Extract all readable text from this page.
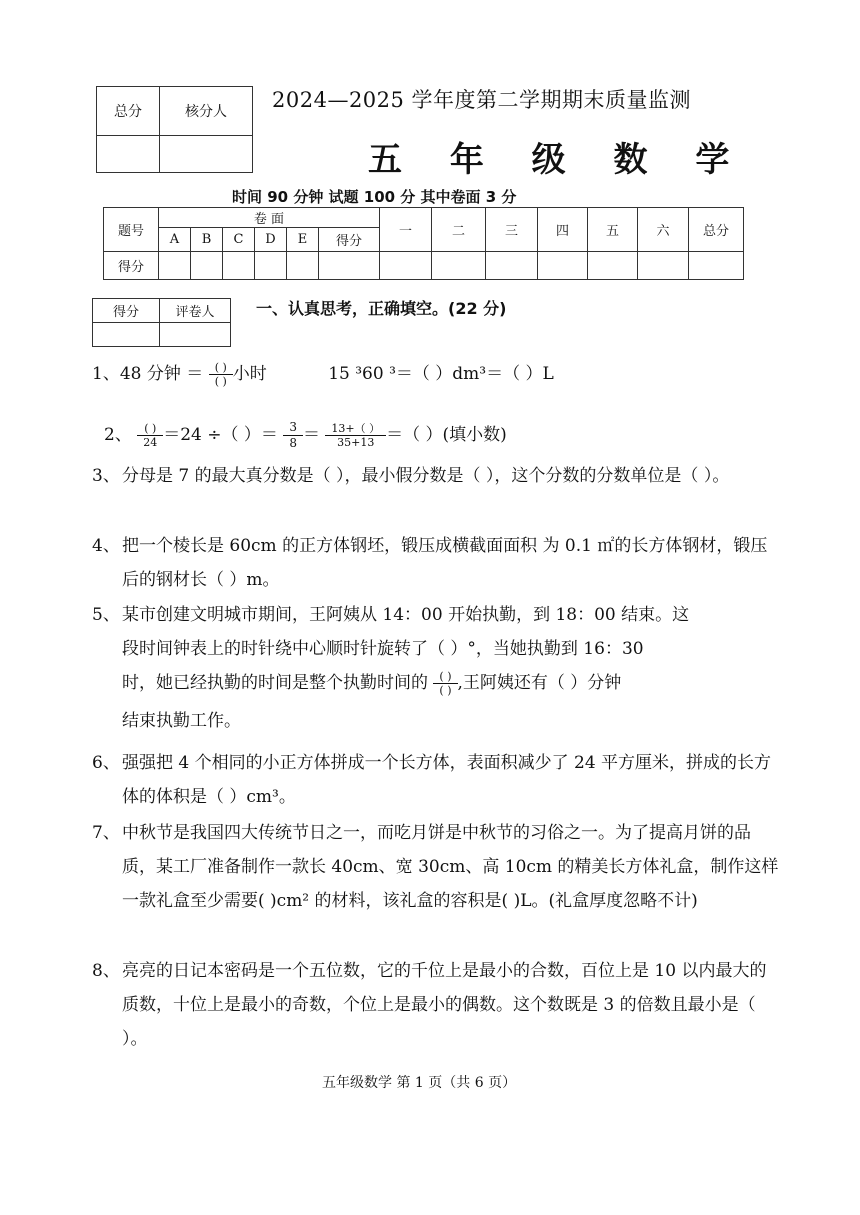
总分	核分人
	2024—2025 学年度第二学期期末质量监测
五 年 级 数 学
时间 90 分钟 试题 100 分 其中卷面 3 分
题号	卷 面						一	二	三	四	五	六	总分
	A	B	C	D	E	得分							
得分													
得分	评卷人
		一、认真思考，正确填空。(22 分)
1、48 分钟 ＝ $\frac{( )}{( )}$ 小时	15 ³60 ³＝（ ）dm³＝（ ）L
2、 $\frac{( )}{24} =24$ ÷（ ）＝ $\frac{3}{8} = \frac{13+( )}{35+13}$ ＝（ ）(填小数)
3、 分母是 7 的最大真分数是（ ），最小假分数是（ ），这个分数的分数单位是（ ）。
4、 把一个棱长是 60cm 的正方体钢坯，锻压成横截面面积 为 0.1 ㎡的长方体钢材，锻压后的钢材长（ ）m。
5、 某市创建文明城市期间，王阿姨从 14：00 开始执勤，到 18：00 结束。这
段时间钟表上的时针绕中心顺时针旋转了（ ）°，当她执勤到 16：30
时，她已经执勤的时间是整个执勤时间的 $\frac{( )}{( )}$ ,王阿姨还有（ ）分钟
结束执勤工作。
6、 强强把 4 个相同的小正方体拼成一个长方体，表面积减少了 24 平方厘米，拼成的长方体的体积是（ ）cm³。
7、 中秋节是我国四大传统节日之一，而吃月饼是中秋节的习俗之一。为了提高月饼的品质，某工厂准备制作一款长 40cm、宽 30cm、高 10cm 的精美长方体礼盒，制作这样一款礼盒至少需要( )cm² 的材料，该礼盒的容积是( )L。(礼盒厚度忽略不计)
8、 亮亮的日记本密码是一个五位数，它的千位上是最小的合数，百位上是 10 以内最大的质数，十位上是最小的奇数，个位上是最小的偶数。这个数既是 3 的倍数且最小是（ ）。
五年级数学 第 1 页（共 6 页）
